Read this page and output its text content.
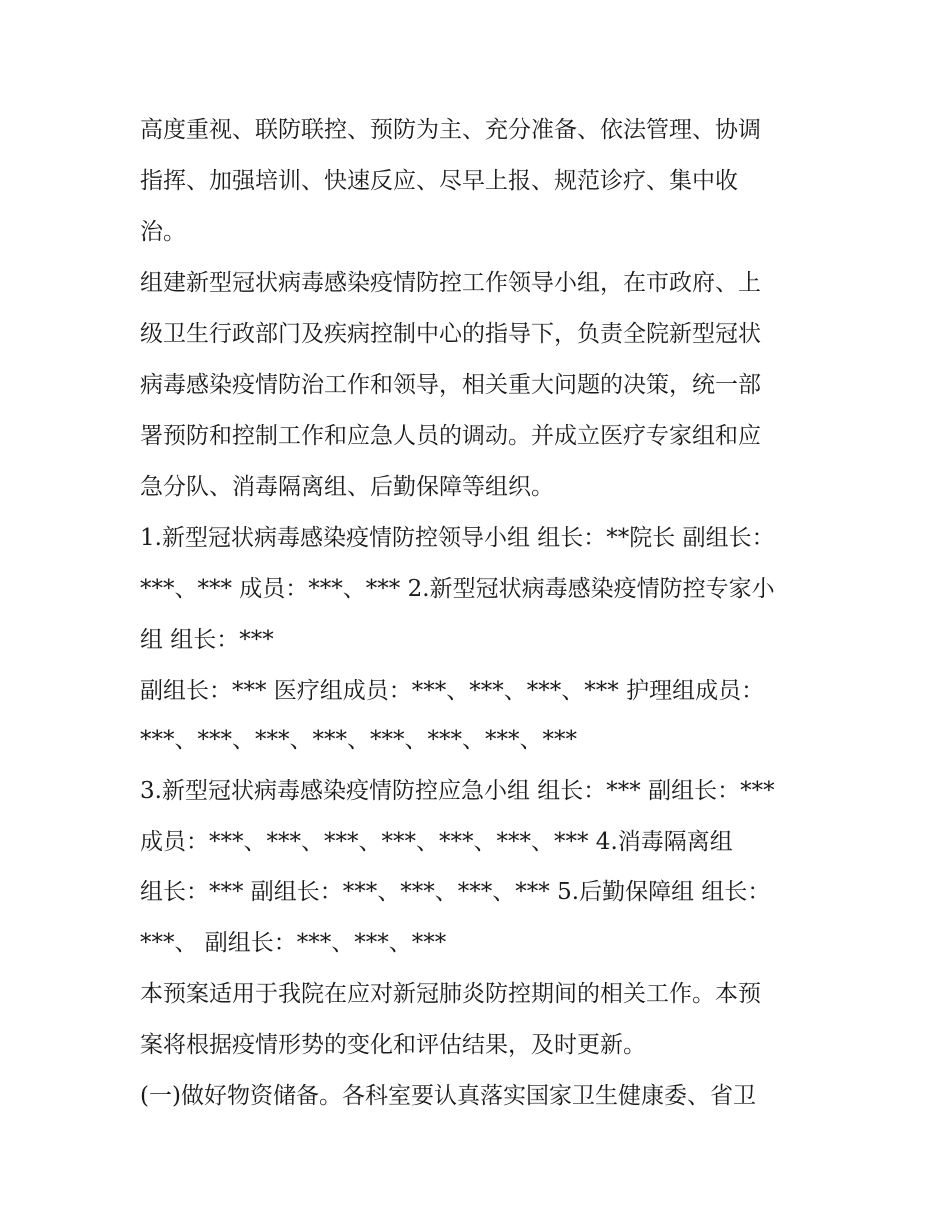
高度重视、联防联控、预防为主、充分准备、依法管理、协调
指挥、加强培训、快速反应、尽早上报、规范诊疗、集中收
治。
组建新型冠状病毒感染疫情防控工作领导小组，在市政府、上
级卫生行政部门及疾病控制中心的指导下，负责全院新型冠状
病毒感染疫情防治工作和领导，相关重大问题的决策，统一部
署预防和控制工作和应急人员的调动。并成立医疗专家组和应
急分队、消毒隔离组、后勤保障等组织。
1.新型冠状病毒感染疫情防控领导小组 组长：**院长 副组长：
***、*** 成员：***、*** 2.新型冠状病毒感染疫情防控专家小
组 组长：***
副组长：*** 医疗组成员：***、***、***、*** 护理组成员：
***、***、***、***、***、***、***、***
3.新型冠状病毒感染疫情防控应急小组 组长：*** 副组长：***
成员：***、***、***、***、***、***、*** 4.消毒隔离组
组长：*** 副组长：***、***、***、*** 5.后勤保障组 组长：
***、 副组长：***、***、***
本预案适用于我院在应对新冠肺炎防控期间的相关工作。本预
案将根据疫情形势的变化和评估结果，及时更新。
(一)做好物资储备。各科室要认真落实国家卫生健康委、省卫
